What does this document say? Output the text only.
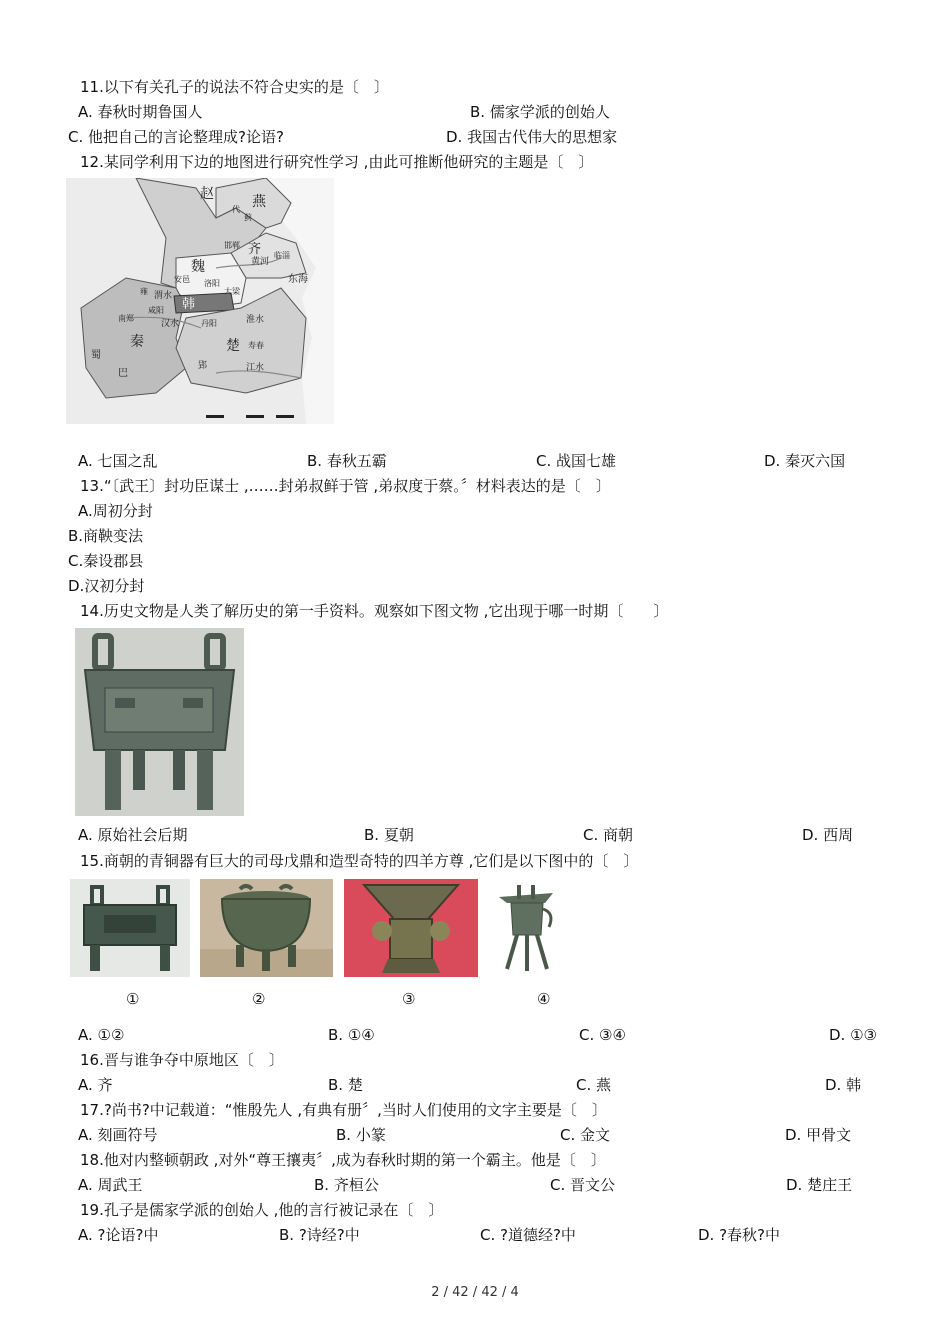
11.以下有关孔子的说法不符合史实的是〔　〕
A. 春秋时期鲁国人	B. 儒家学派的创始人
C. 他把自己的言论整理成?论语?	D. 我国古代伟大的思想家
12.某同学利用下边的地图进行研究性学习 ,由此可推断他研究的主题是〔　〕
赵	燕
齐
魏
韩
秦	楚
东海
黄河
渭水
汉水	淮水
江水
邯郸
临淄
咸阳
洛阳
大梁
安邑
南郑
丹阳
寿春
郢
蜀
巴
代
蓟
雍
A. 七国之乱	B. 春秋五霸	C. 战国七雄	D. 秦灭六国
13.“〔武王〕封功臣谋士 ,……封弟叔鲜于管 ,弟叔度于蔡。〞材料表达的是〔　〕
A.周初分封
B.商鞅变法
C.秦设郡县
D.汉初分封
14.历史文物是人类了解历史的第一手资料。观察如下图文物 ,它出现于哪一时期〔　　〕
A. 原始社会后期	B. 夏朝	C. 商朝	D. 西周
15.商朝的青铜器有巨大的司母戊鼎和造型奇特的四羊方尊 ,它们是以下图中的〔　〕
①	②	③	④
A. ①②	B. ①④	C. ③④	D. ①③
16.晋与谁争夺中原地区〔　〕
A. 齐	B. 楚	C. 燕	D. 韩
17.?尚书?中记载道：“惟殷先人 ,有典有册〞,当时人们使用的文字主要是〔　〕
A. 刻画符号	B. 小篆	C. 金文	D. 甲骨文
18.他对内整顿朝政 ,对外“尊王攘夷〞,成为春秋时期的第一个霸主。他是〔　〕
A. 周武王	B. 齐桓公	C. 晋文公	D. 楚庄王
19.孔子是儒家学派的创始人 ,他的言行被记录在〔　〕
A. ?论语?中	B. ?诗经?中	C. ?道德经?中	D. ?春秋?中
2 / 42 / 42 / 4
